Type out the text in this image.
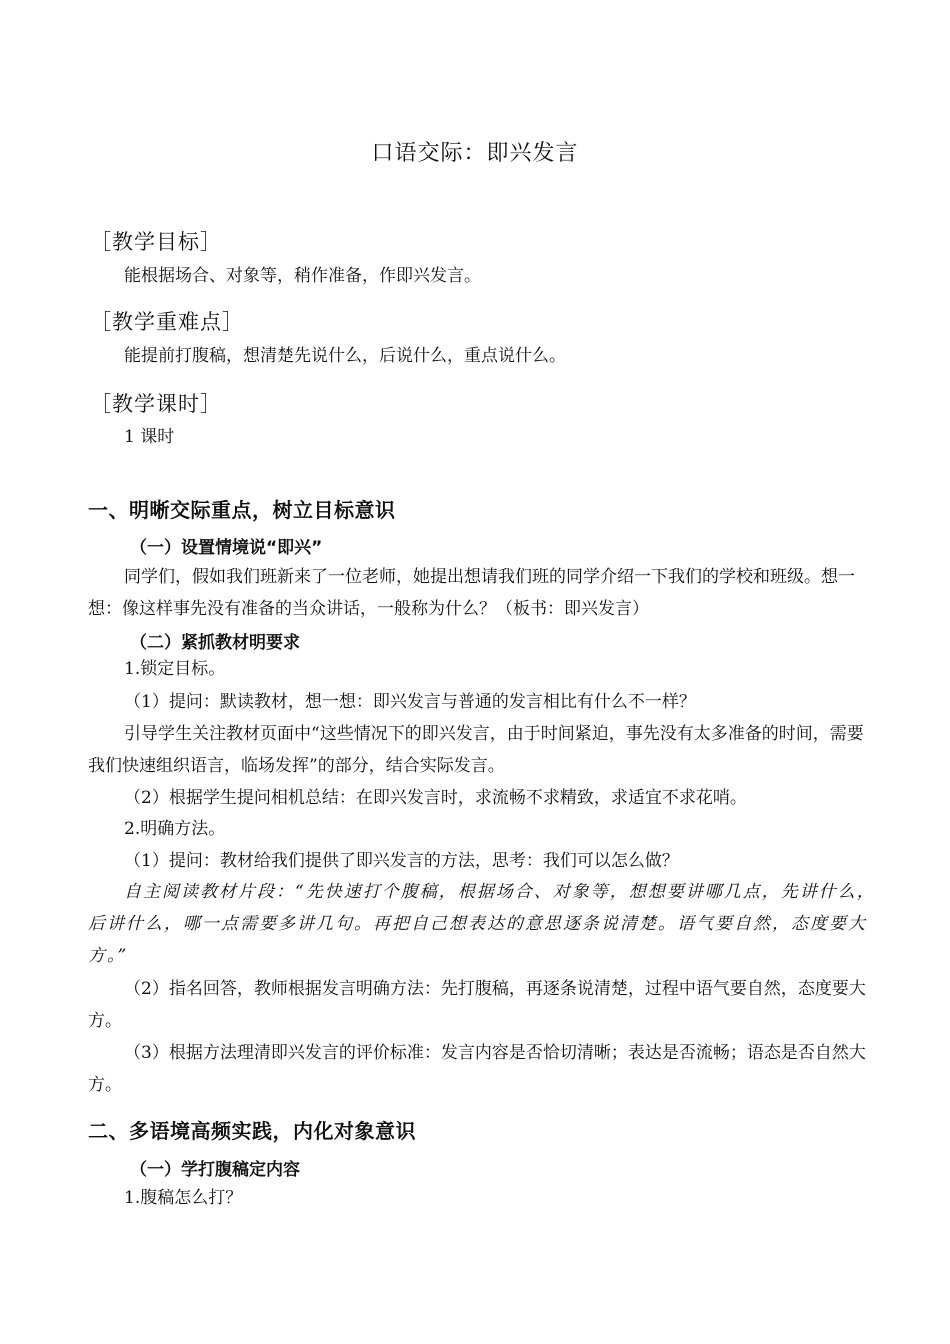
口语交际：即兴发言
［教学目标］
能根据场合、对象等，稍作准备，作即兴发言。
［教学重难点］
能提前打腹稿，想清楚先说什么，后说什么，重点说什么。
［教学课时］
1 课时
一、明晰交际重点，树立目标意识
（一）设置情境说“即兴”
同学们，假如我们班新来了一位老师，她提出想请我们班的同学介绍一下我们的学校和班级。想一想：像这样事先没有准备的当众讲话，一般称为什么？（板书：即兴发言）
（二）紧抓教材明要求
1.锁定目标。
（1）提问：默读教材，想一想：即兴发言与普通的发言相比有什么不一样？
引导学生关注教材页面中“这些情况下的即兴发言，由于时间紧迫，事先没有太多准备的时间，需要我们快速组织语言，临场发挥”的部分，结合实际发言。
（2）根据学生提问相机总结：在即兴发言时，求流畅不求精致，求适宜不求花哨。
2.明确方法。
（1）提问：教材给我们提供了即兴发言的方法，思考：我们可以怎么做？
自主阅读教材片段：“先快速打个腹稿，根据场合、对象等，想想要讲哪几点，先讲什么，后讲什么，哪一点需要多讲几句。再把自己想表达的意思逐条说清楚。语气要自然，态度要大方。”
（2）指名回答，教师根据发言明确方法：先打腹稿，再逐条说清楚，过程中语气要自然，态度要大方。
（3）根据方法理清即兴发言的评价标准：发言内容是否恰切清晰；表达是否流畅；语态是否自然大方。
二、多语境高频实践，内化对象意识
（一）学打腹稿定内容
1.腹稿怎么打？
